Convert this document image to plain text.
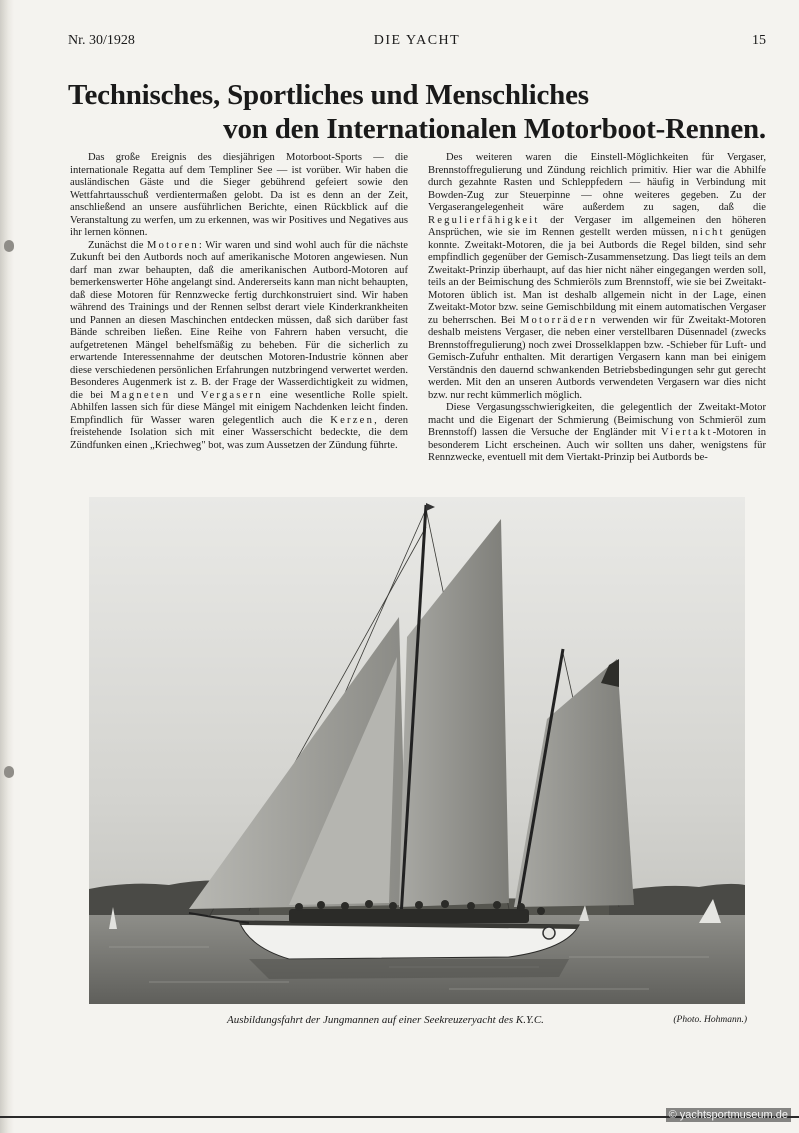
Nr. 30/1928	DIE YACHT	15
Technisches, Sportliches und Menschliches
von den Internationalen Motorboot-Rennen.

Das große Ereignis des diesjährigen Motorboot-Sports — die internationale Regatta auf dem Templiner See — ist vorüber. Wir haben die ausländischen Gäste und die Sieger gebührend gefeiert sowie den Wettfahrtausschuß verdientermaßen gelobt. Da ist es denn an der Zeit, anschließend an unsere ausführlichen Berichte, einen Rückblick auf die Veranstaltung zu werfen, um zu erkennen, was wir Positives und Negatives aus ihr lernen können.

Zunächst die Motoren: Wir waren und sind wohl auch für die nächste Zukunft bei den Autbords noch auf amerikanische Motoren angewiesen. Nun darf man zwar behaupten, daß die amerikanischen Autbord-Motoren auf bemerkenswerter Höhe angelangt sind. Andererseits kann man nicht behaupten, daß diese Motoren für Rennzwecke fertig durchkonstruiert sind. Wir haben während des Trainings und der Rennen selbst derart viele Kinderkrankheiten und Pannen an diesen Maschinchen entdecken müssen, daß sich darüber fast Bände schreiben ließen. Eine Reihe von Fahrern haben versucht, die aufgetretenen Mängel behelfsmäßig zu beheben. Für die sicherlich zu erwartende Interessennahme der deutschen Motoren-Industrie können aber diese verschiedenen persönlichen Erfahrungen nutzbringend verwertet werden. Besonderes Augenmerk ist z. B. der Frage der Wasserdichtigkeit zu widmen, die bei Magneten und Vergasern eine wesentliche Rolle spielt. Abhilfen lassen sich für diese Mängel mit einigem Nachdenken leicht finden. Empfindlich für Wasser waren gelegentlich auch die Kerzen, deren freistehende Isolation sich mit einer Wasserschicht bedeckte, die dem Zündfunken einen „Kriechweg" bot, was zum Aussetzen der Zündung führte.

Des weiteren waren die Einstell-Möglichkeiten für Vergaser, Brennstoffregulierung und Zündung reichlich primitiv. Hier war die Abhilfe durch gezahnte Rasten und Schleppfedern — häufig in Verbindung mit Bowden-Zug zur Steuerpinne — ohne weiteres gegeben. Zu der Vergaserangelegenheit wäre außerdem zu sagen, daß die Regulierfähigkeit der Vergaser im allgemeinen den höheren Ansprüchen, wie sie im Rennen gestellt werden müssen, nicht genügen konnte. Zweitakt-Motoren, die ja bei Autbords die Regel bilden, sind sehr empfindlich gegenüber der Gemisch-Zusammensetzung. Das liegt teils an dem Zweitakt-Prinzip überhaupt, auf das hier nicht näher eingegangen werden soll, teils an der Beimischung des Schmieröls zum Brennstoff, wie sie bei Zweitakt-Motoren üblich ist. Man ist deshalb allgemein nicht in der Lage, einen Zweitakt-Motor bzw. seine Gemischbildung mit einem automatischen Vergaser zu beherrschen. Bei Motorrädern verwenden wir für Zweitakt-Motoren deshalb meistens Vergaser, die neben einer verstellbaren Düsennadel (zwecks Brennstoffregulierung) noch zwei Drosselklappen bzw. -Schieber für Luft- und Gemisch-Zufuhr enthalten. Mit derartigen Vergasern kann man bei einigem Verständnis den dauernd schwankenden Betriebsbedingungen sehr gut gerecht werden. Mit den an unseren Autbords verwendeten Vergasern war dies nicht bzw. nur recht kümmerlich möglich.

Diese Vergasungsschwierigkeiten, die gelegentlich der Zweitakt-Motor macht und die Eigenart der Schmierung (Beimischung von Schmieröl zum Brennstoff) lassen die Versuche der Engländer mit Viertakt-Motoren in besonderem Licht erscheinen. Auch wir sollten uns daher, wenigstens für Rennzwecke, eventuell mit dem Viertakt-Prinzip bei Autbords be-

Ausbildungsfahrt der Jungmannen auf einer Seekreuzeryacht des K.Y.C.	(Photo. Hohmann.)
© yachtsportmuseum.de
